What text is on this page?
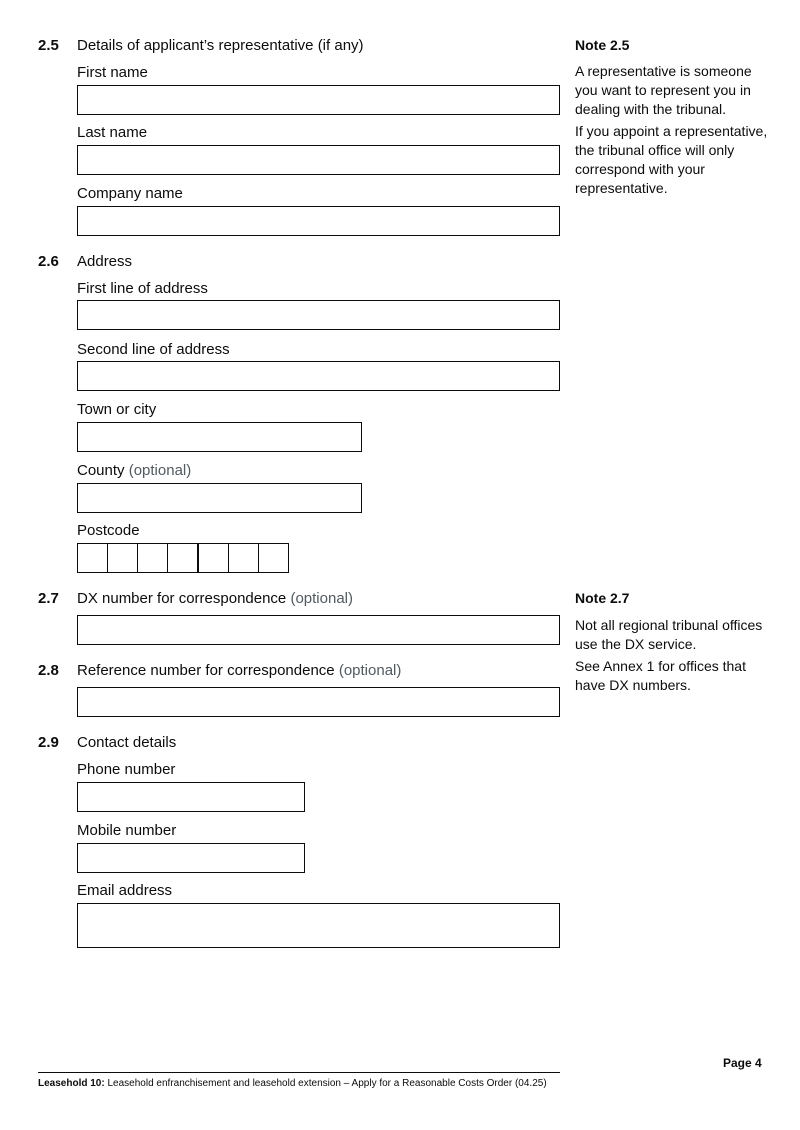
2.5 Details of applicant’s representative (if any)
First name
Last name
Company name
Note 2.5
A representative is someone you want to represent you in dealing with the tribunal.
If you appoint a representative, the tribunal office will only correspond with your representative.
2.6 Address
First line of address
Second line of address
Town or city
County (optional)
Postcode
2.7 DX number for correspondence (optional)	Note 2.7
Not all regional tribunal offices use the DX service.
See Annex 1 for offices that have DX numbers.
2.8 Reference number for correspondence (optional)
2.9 Contact details
Phone number
Mobile number
Email address
Page 4
Leasehold 10: Leasehold enfranchisement and leasehold extension – Apply for a Reasonable Costs Order (04.25)
